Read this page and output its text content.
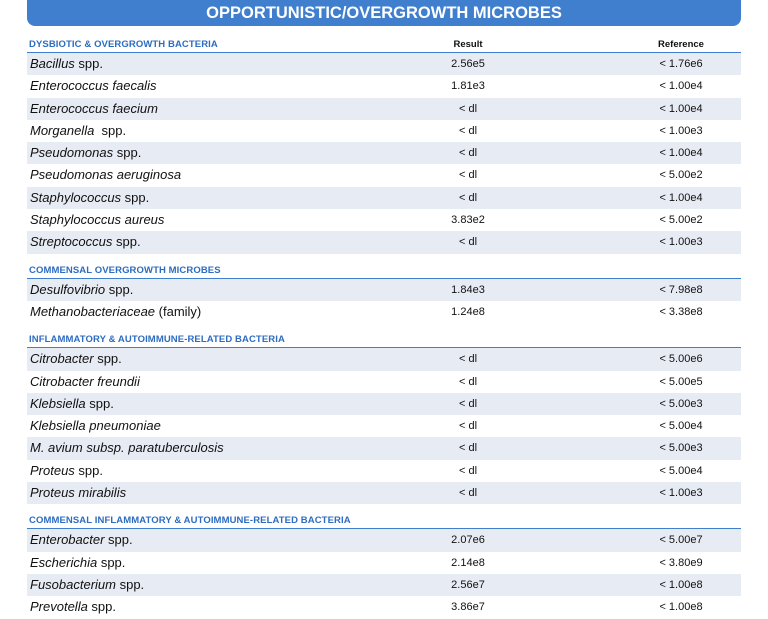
OPPORTUNISTIC/OVERGROWTH MICROBES
DYSBIOTIC & OVERGROWTH BACTERIA	Result	Reference
Bacillus spp.	2.56e5	< 1.76e6
Enterococcus faecalis	1.81e3	< 1.00e4
Enterococcus faecium	< dl	< 1.00e4
Morganella  spp.	< dl	< 1.00e3
Pseudomonas spp.	< dl	< 1.00e4
Pseudomonas aeruginosa	< dl	< 5.00e2
Staphylococcus spp.	< dl	< 1.00e4
Staphylococcus aureus	3.83e2	< 5.00e2
Streptococcus spp.	< dl	< 1.00e3
COMMENSAL OVERGROWTH MICROBES
Desulfovibrio spp.	1.84e3	< 7.98e8
Methanobacteriaceae (family)	1.24e8	< 3.38e8
INFLAMMATORY & AUTOIMMUNE-RELATED BACTERIA
Citrobacter spp.	< dl	< 5.00e6
Citrobacter freundii	< dl	< 5.00e5
Klebsiella spp.	< dl	< 5.00e3
Klebsiella pneumoniae	< dl	< 5.00e4
M. avium subsp. paratuberculosis	< dl	< 5.00e3
Proteus spp.	< dl	< 5.00e4
Proteus mirabilis	< dl	< 1.00e3
COMMENSAL INFLAMMATORY & AUTOIMMUNE-RELATED BACTERIA
Enterobacter spp.	2.07e6	< 5.00e7
Escherichia spp.	2.14e8	< 3.80e9
Fusobacterium spp.	2.56e7	< 1.00e8
Prevotella spp.	3.86e7	< 1.00e8
